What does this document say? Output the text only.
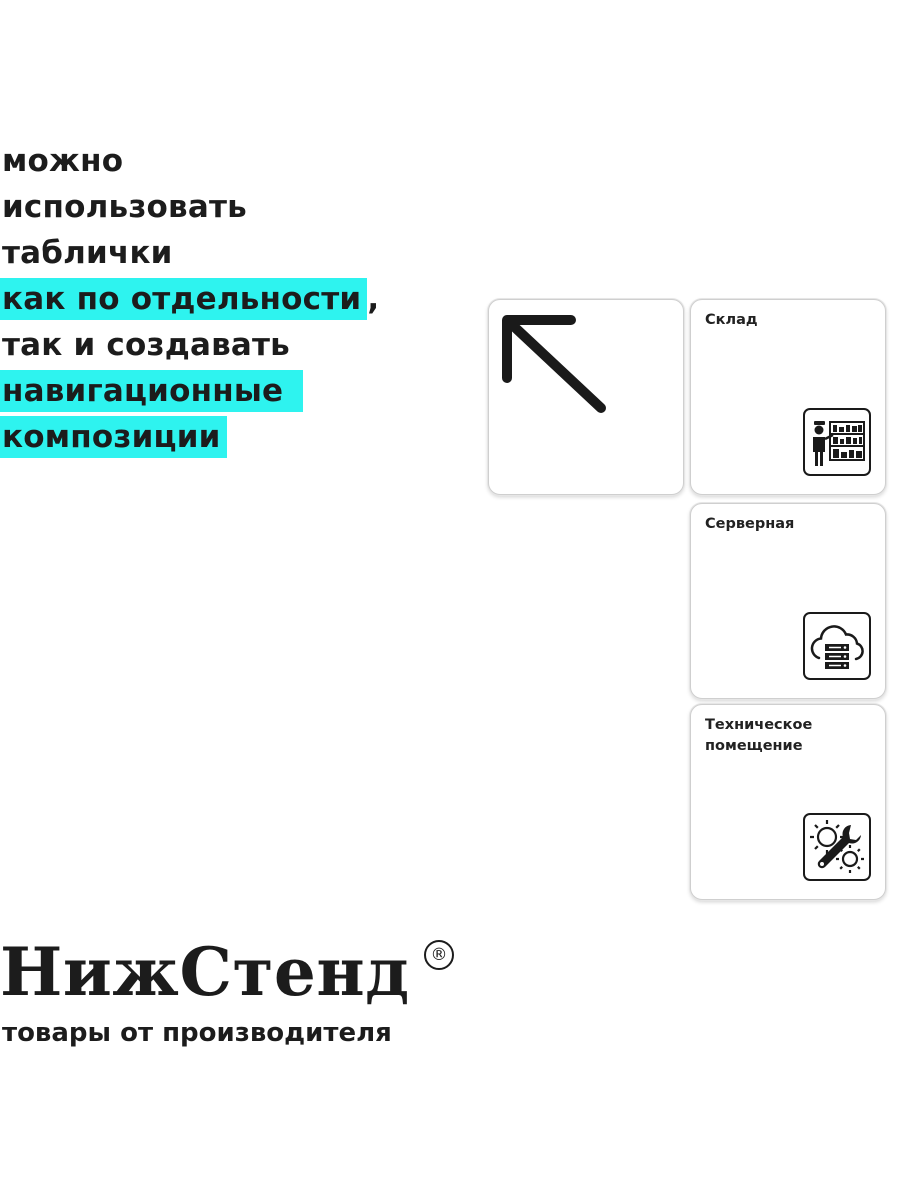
можно
использовать
таблички
как по отдельности ,
так и создавать
навигационные
композиции
Склад
Серверная
Техническое помещение
НижСтенд	®
товары от производителя
